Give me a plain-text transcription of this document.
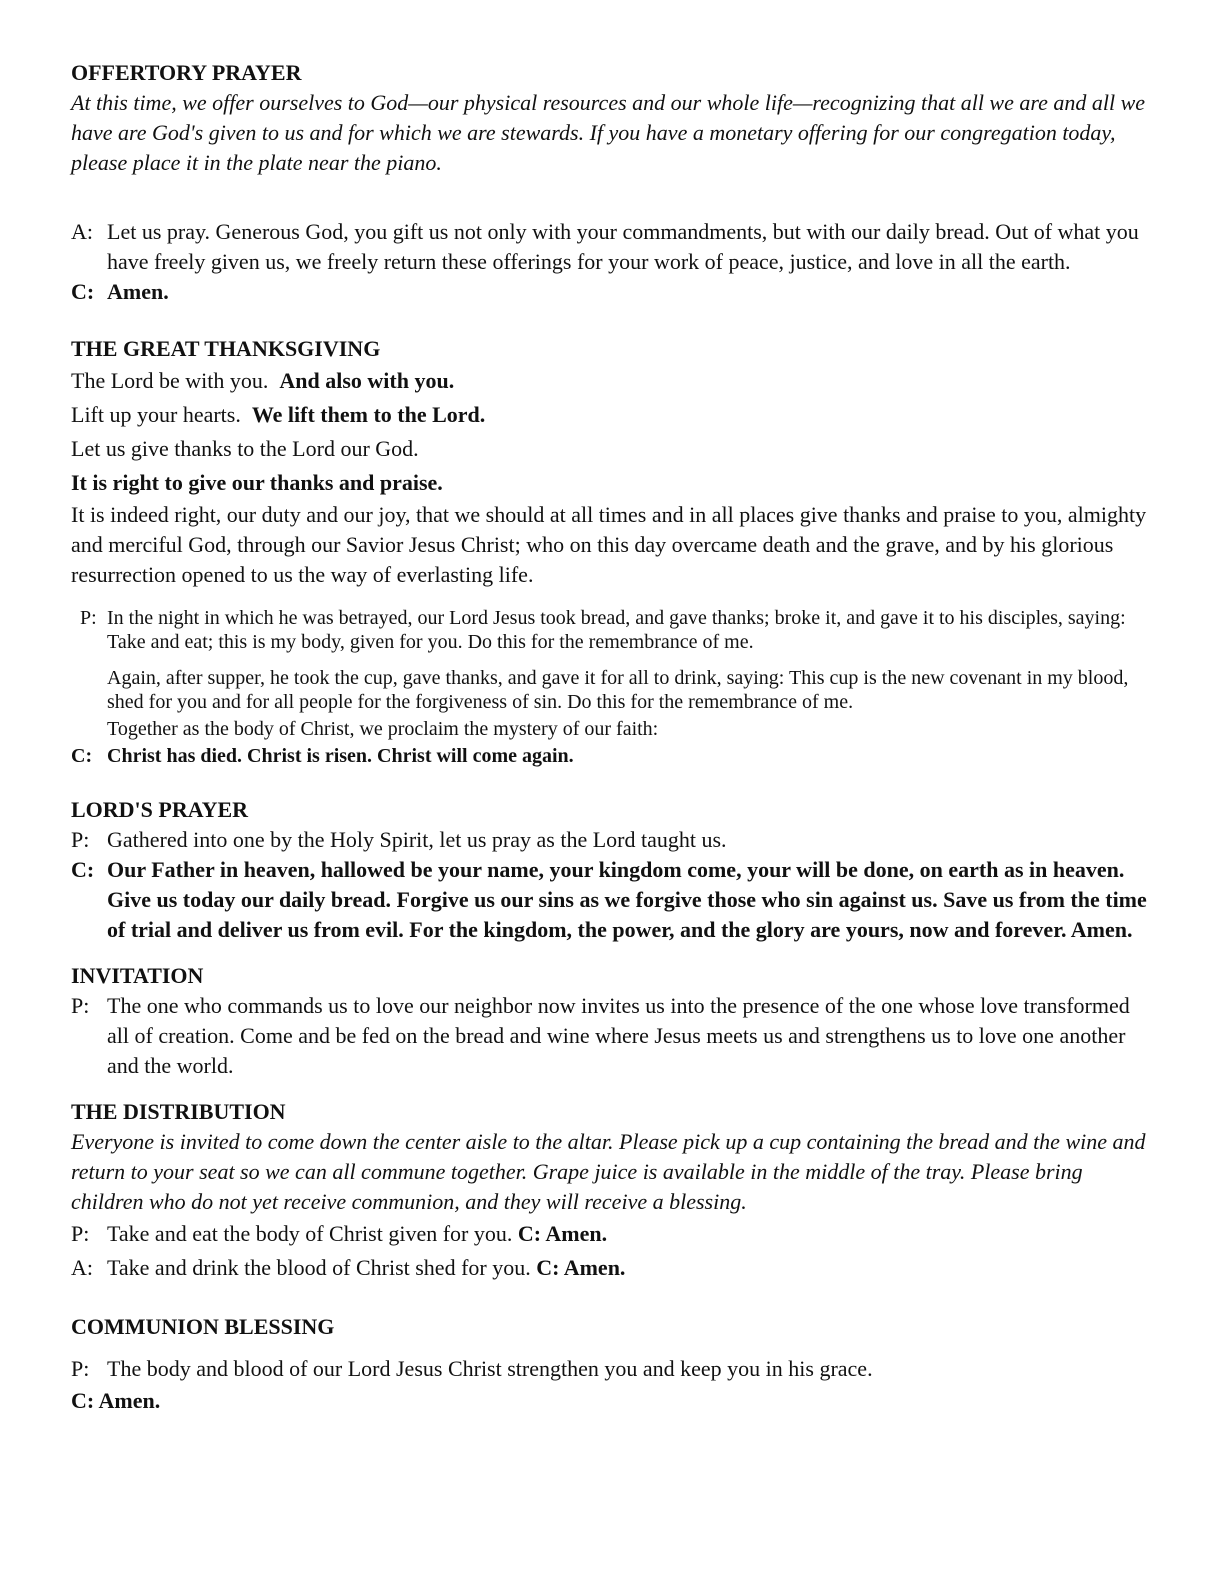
OFFERTORY PRAYER

At this time, we offer ourselves to God—our physical resources and our whole life—recognizing that all we are and all we have are God's given to us and for which we are stewards. If you have a monetary offering for our congregation today, please place it in the plate near the piano.

A: Let us pray. Generous God, you gift us not only with your commandments, but with our daily bread. Out of what you have freely given us, we freely return these offerings for your work of peace, justice, and love in all the earth.
C: Amen.

THE GREAT THANKSGIVING

The Lord be with you. And also with you.

Lift up your hearts. We lift them to the Lord.

Let us give thanks to the Lord our God.

It is right to give our thanks and praise.

It is indeed right, our duty and our joy, that we should at all times and in all places give thanks and praise to you, almighty and merciful God, through our Savior Jesus Christ; who on this day overcame death and the grave, and by his glorious resurrection opened to us the way of everlasting life.

P: In the night in which he was betrayed, our Lord Jesus took bread, and gave thanks; broke it, and gave it to his disciples, saying: Take and eat; this is my body, given for you. Do this for the remembrance of me.
Again, after supper, he took the cup, gave thanks, and gave it for all to drink, saying: This cup is the new covenant in my blood, shed for you and for all people for the forgiveness of sin. Do this for the remembrance of me.
Together as the body of Christ, we proclaim the mystery of our faith:
C: Christ has died. Christ is risen. Christ will come again.

LORD'S PRAYER

P: Gathered into one by the Holy Spirit, let us pray as the Lord taught us.
C: Our Father in heaven, hallowed be your name, your kingdom come, your will be done, on earth as in heaven. Give us today our daily bread. Forgive us our sins as we forgive those who sin against us. Save us from the time of trial and deliver us from evil. For the kingdom, the power, and the glory are yours, now and forever. Amen.

INVITATION

P: The one who commands us to love our neighbor now invites us into the presence of the one whose love transformed all of creation. Come and be fed on the bread and wine where Jesus meets us and strengthens us to love one another and the world.

THE DISTRIBUTION

Everyone is invited to come down the center aisle to the altar. Please pick up a cup containing the bread and the wine and return to your seat so we can all commune together. Grape juice is available in the middle of the tray. Please bring children who do not yet receive communion, and they will receive a blessing.

P: Take and eat the body of Christ given for you. C: Amen.
A: Take and drink the blood of Christ shed for you. C: Amen.

COMMUNION BLESSING

P: The body and blood of our Lord Jesus Christ strengthen you and keep you in his grace.

C: Amen.
